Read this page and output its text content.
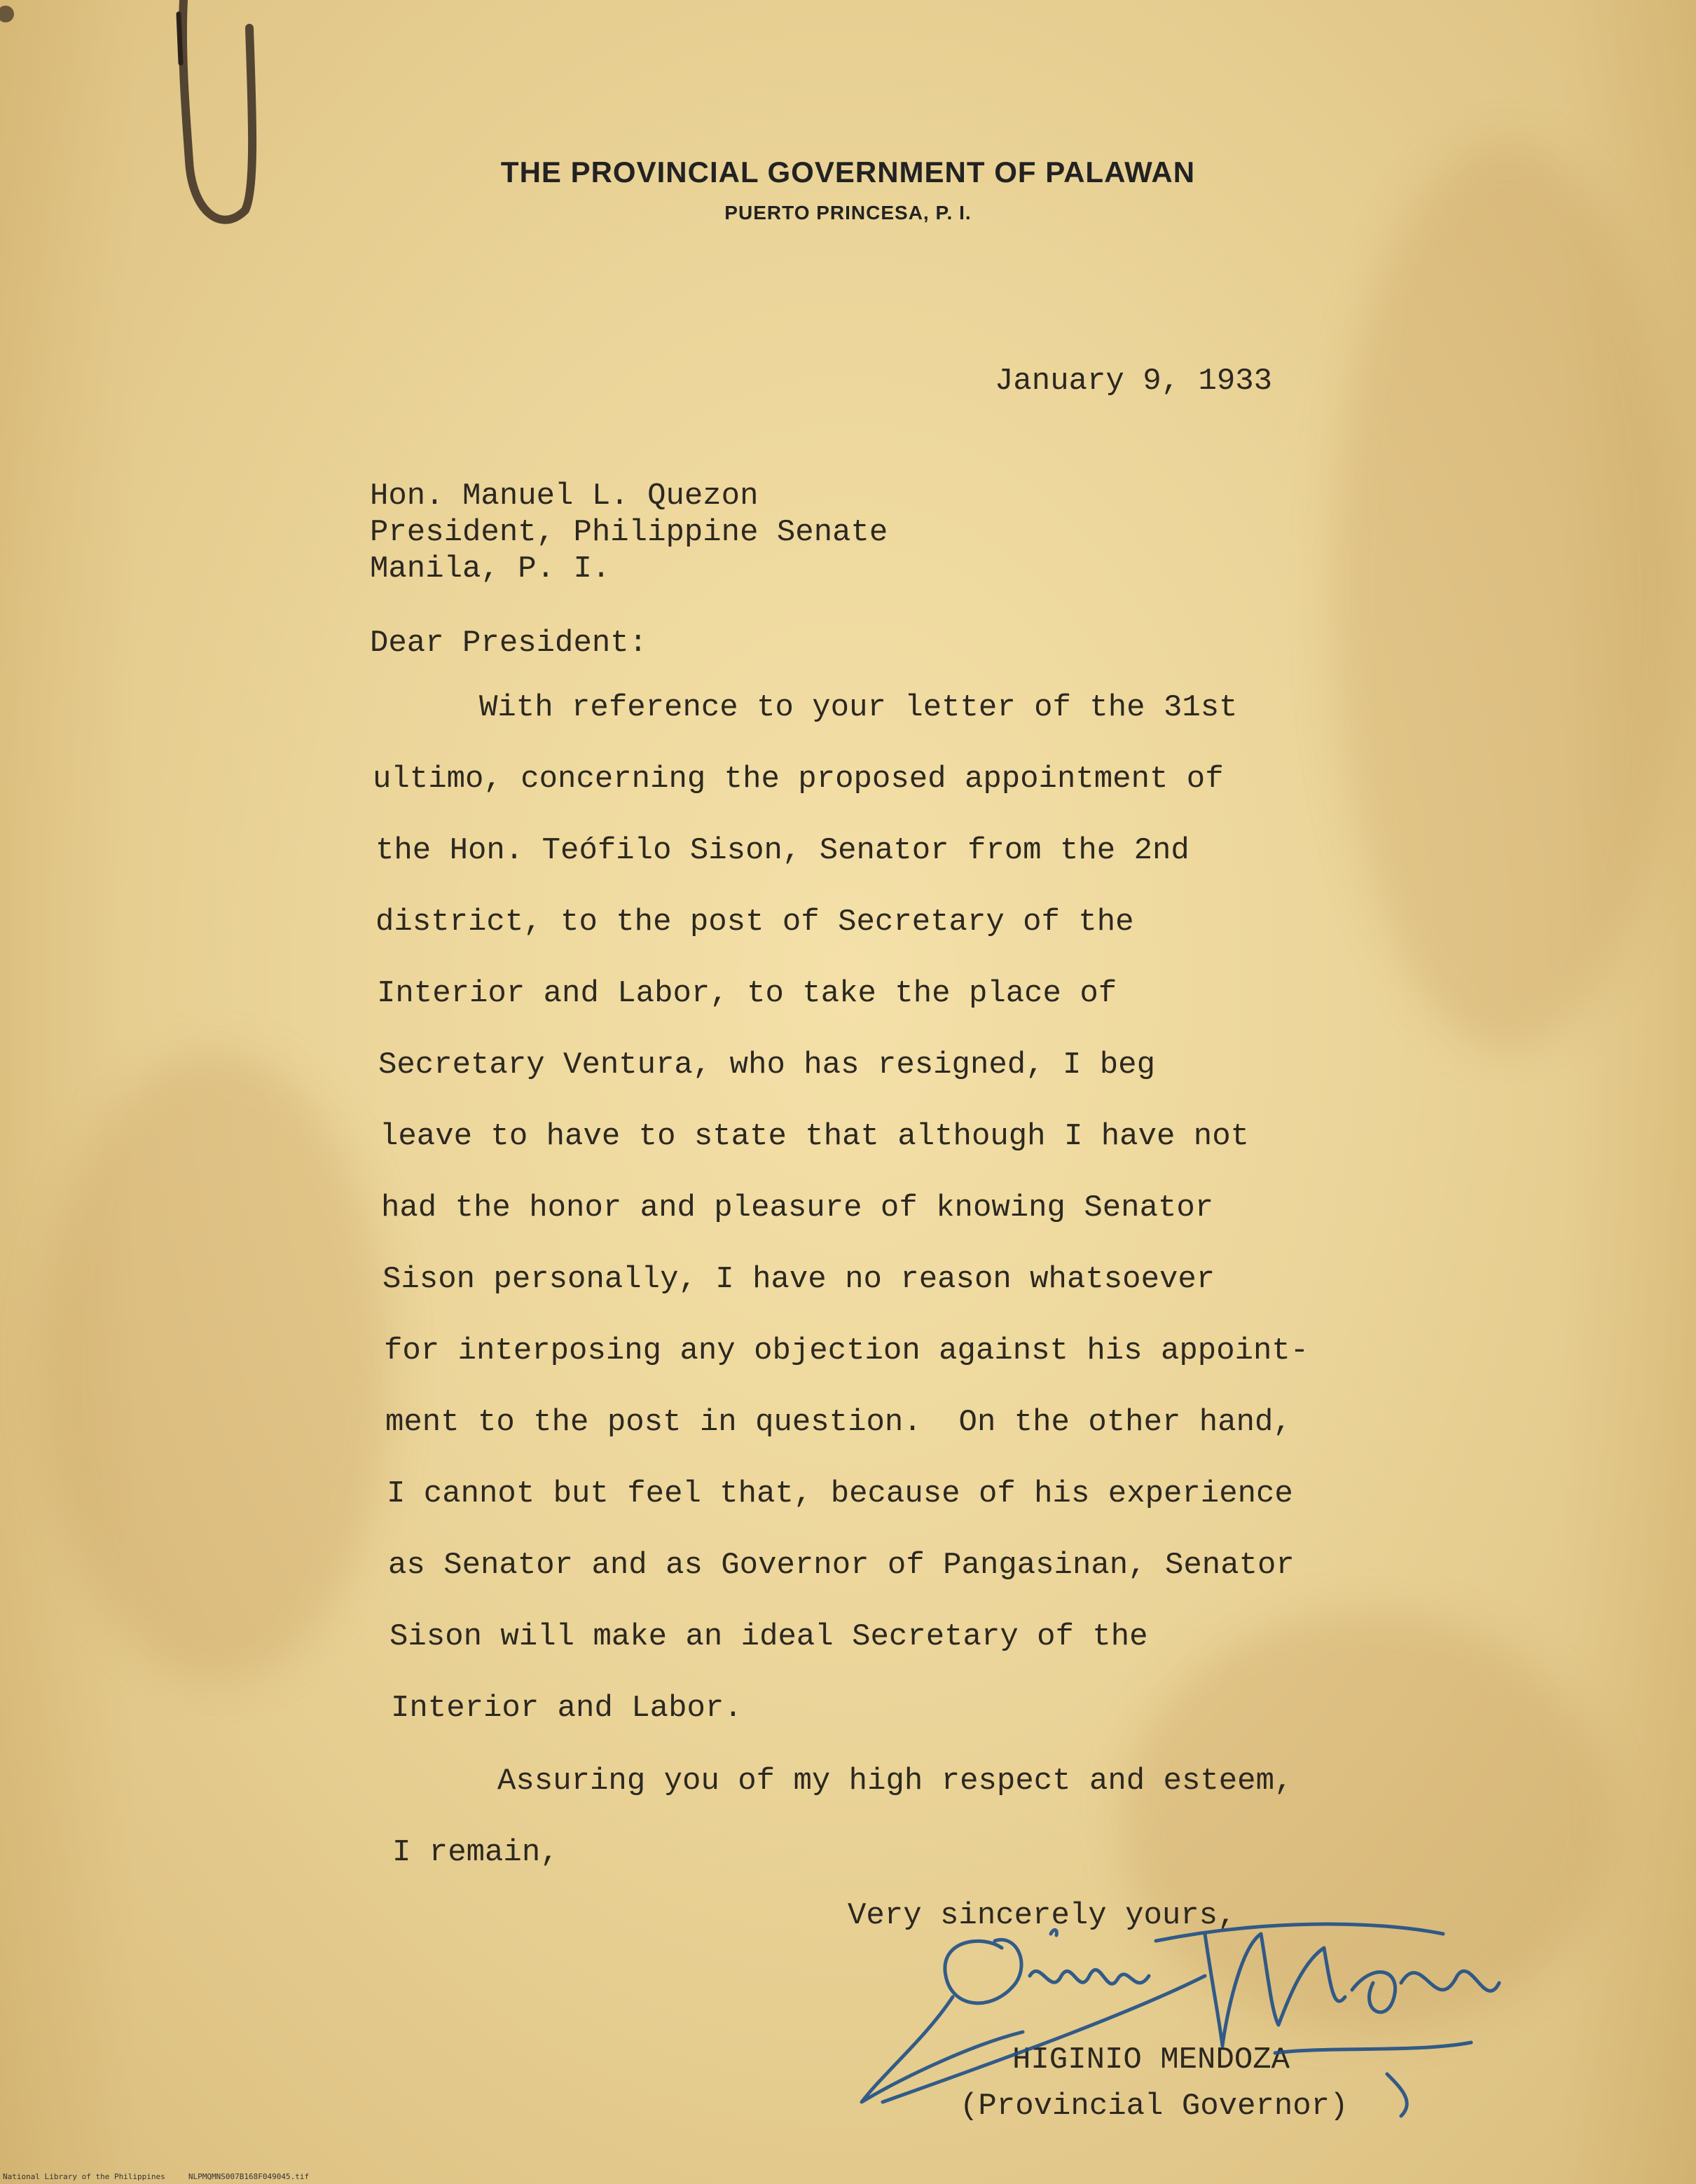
THE PROVINCIAL GOVERNMENT OF PALAWAN
PUERTO PRINCESA, P. I.
January 9, 1933
Hon. Manuel L. Quezon
President, Philippine Senate
Manila, P. I.
Dear President:
With reference to your letter of the 31st
ultimo, concerning the proposed appointment of
the Hon. Teófilo Sison, Senator from the 2nd
district, to the post of Secretary of the
Interior and Labor, to take the place of
Secretary Ventura, who has resigned, I beg
leave to have to state that although I have not
had the honor and pleasure of knowing Senator
Sison personally, I have no reason whatsoever
for interposing any objection against his appoint-
ment to the post in question.  On the other hand,
I cannot but feel that, because of his experience
as Senator and as Governor of Pangasinan, Senator
Sison will make an ideal Secretary of the
Interior and Labor.
Assuring you of my high respect and esteem,
I remain,
Very sincerely yours,
HIGINIO MENDOZA
(Provincial Governor)
National Library of the Philippines	NLPMQMNS007B168F049045.tif
